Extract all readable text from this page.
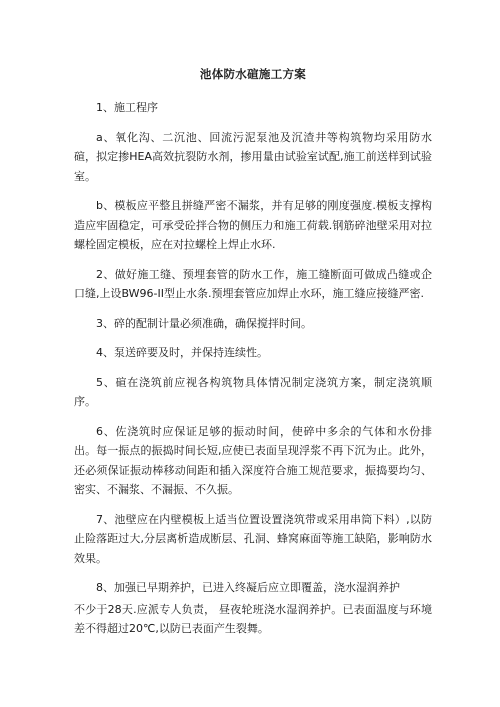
池体防水碹施工方案

1、施工程序

a、氧化沟、二沉池、回流污泥泵池及沉渣井等构筑物均采用防水碹，拟定掺HEA高效抗裂防水剂，掺用量由试验室试配,施工前送样到试验室。

b、模板应平整且拼缝严密不漏浆，并有足够的刚度强度.模板支撑构造应牢固稳定，可承受砼拌合物的侧压力和施工荷载.钢筋碎池壁采用对拉螺栓固定模板，应在对拉螺栓上焊止水环.

2、做好施工缝、预埋套管的防水工作，施工缝断面可做成凸缝或企口缝,上设BW96-II型止水条.预埋套管应加焊止水环，施工缝应接缝严密.

3、碎的配制计量必须准确，确保搅拌时间。

4、泵送碎要及时，并保持连续性。

5、碹在浇筑前应视各构筑物具体情况制定浇筑方案，制定浇筑顺序。

6、佐浇筑时应保证足够的振动时间，使碎中多余的气体和水份排出。每一振点的振捣时间长短,应使已表面呈现浮浆不再下沉为止。此外，还必须保证振动棒移动间距和插入深度符合施工规范要求，振捣要均匀、密实、不漏浆、不漏振、不久振。

7、池壁应在内壁模板上适当位置设置浇筑带或采用串筒下料）,以防止险落距过大,分层离析造成断层、孔洞、蜂窝麻面等施工缺陷，影响防水效果。

8、加强已早期养护，已进入终凝后应立即覆盖，浇水湿润养护

不少于28天.应派专人负责， 昼夜轮班浇水湿润养护。已表面温度与环境差不得超过20℃,以防已表面产生裂舞。
